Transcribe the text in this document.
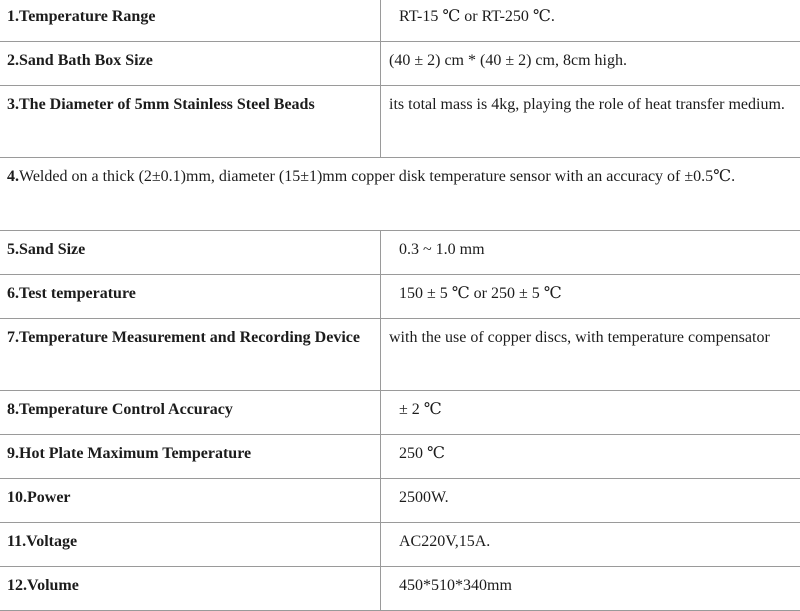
1.Temperature Range	RT-15 ℃ or RT-250 ℃.
2.Sand Bath Box Size	(40 ± 2) cm * (40 ± 2) cm, 8cm high.
3.The Diameter of 5mm Stainless Steel Beads	its total mass is 4kg, playing the role of heat transfer medium.
4.Welded on a thick (2±0.1)mm, diameter (15±1)mm copper disk temperature sensor with an accuracy of ±0.5℃.	
5.Sand Size	0.3 ~ 1.0 mm
6.Test temperature	150 ± 5 ℃ or 250 ± 5 ℃
7.Temperature Measurement and Recording Device	with the use of copper discs, with temperature compensator
8.Temperature Control Accuracy	± 2 ℃
9.Hot Plate Maximum Temperature	250 ℃
10.Power	2500W.
11.Voltage	AC220V,15A.
12.Volume	450*510*340mm
